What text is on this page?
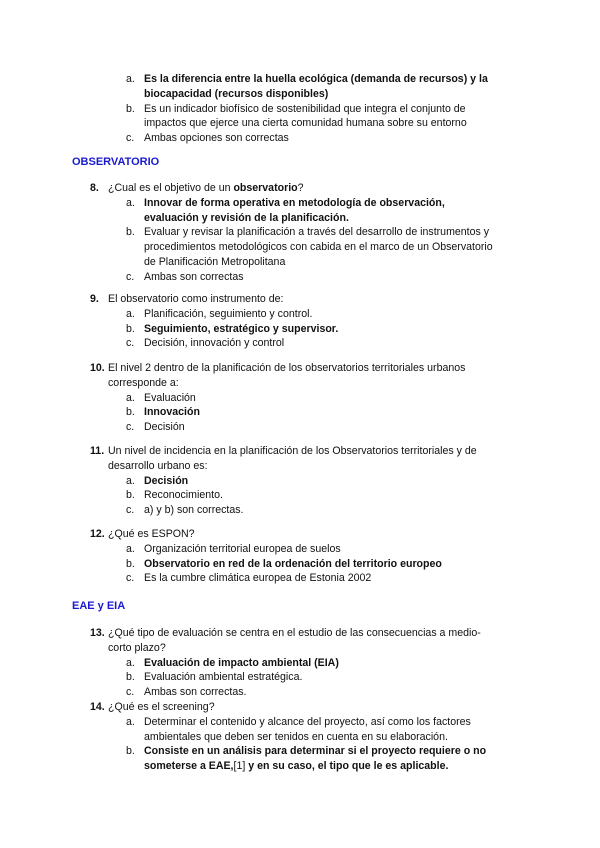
a. Es la diferencia entre la huella ecológica (demanda de recursos) y la biocapacidad (recursos disponibles)
b. Es un indicador biofísico de sostenibilidad que integra el conjunto de impactos que ejerce una cierta comunidad humana sobre su entorno
c. Ambas opciones son correctas
OBSERVATORIO
8. ¿Cual es el objetivo de un observatorio?
a. Innovar de forma operativa en metodología de observación, evaluación y revisión de la planificación.
b. Evaluar y revisar la planificación a través del desarrollo de instrumentos y procedimientos metodológicos con cabida en el marco de un Observatorio de Planificación Metropolitana
c. Ambas son correctas
9. El observatorio como instrumento de:
a. Planificación, seguimiento y control.
b. Seguimiento, estratégico y supervisor.
c. Decisión, innovación y control
10. El nivel 2 dentro de la planificación de los observatorios territoriales urbanos corresponde a:
a. Evaluación
b. Innovación
c. Decisión
11. Un nivel de incidencia en la planificación de los Observatorios territoriales y de desarrollo urbano es:
a. Decisión
b. Reconocimiento.
c. a) y b) son correctas.
12. ¿Qué es ESPON?
a. Organización territorial europea de suelos
b. Observatorio en red de la ordenación del territorio europeo
c. Es la cumbre climática europea de Estonia 2002
EAE y EIA
13. ¿Qué tipo de evaluación se centra en el estudio de las consecuencias a medio-corto plazo?
a. Evaluación de impacto ambiental (EIA)
b. Evaluación ambiental estratégica.
c. Ambas son correctas.
14. ¿Qué es el screening?
a. Determinar el contenido y alcance del proyecto, así como los factores ambientales que deben ser tenidos en cuenta en su elaboración.
b. Consiste en un análisis para determinar si el proyecto requiere o no someterse a EAE,[1] y en su caso, el tipo que le es aplicable.
